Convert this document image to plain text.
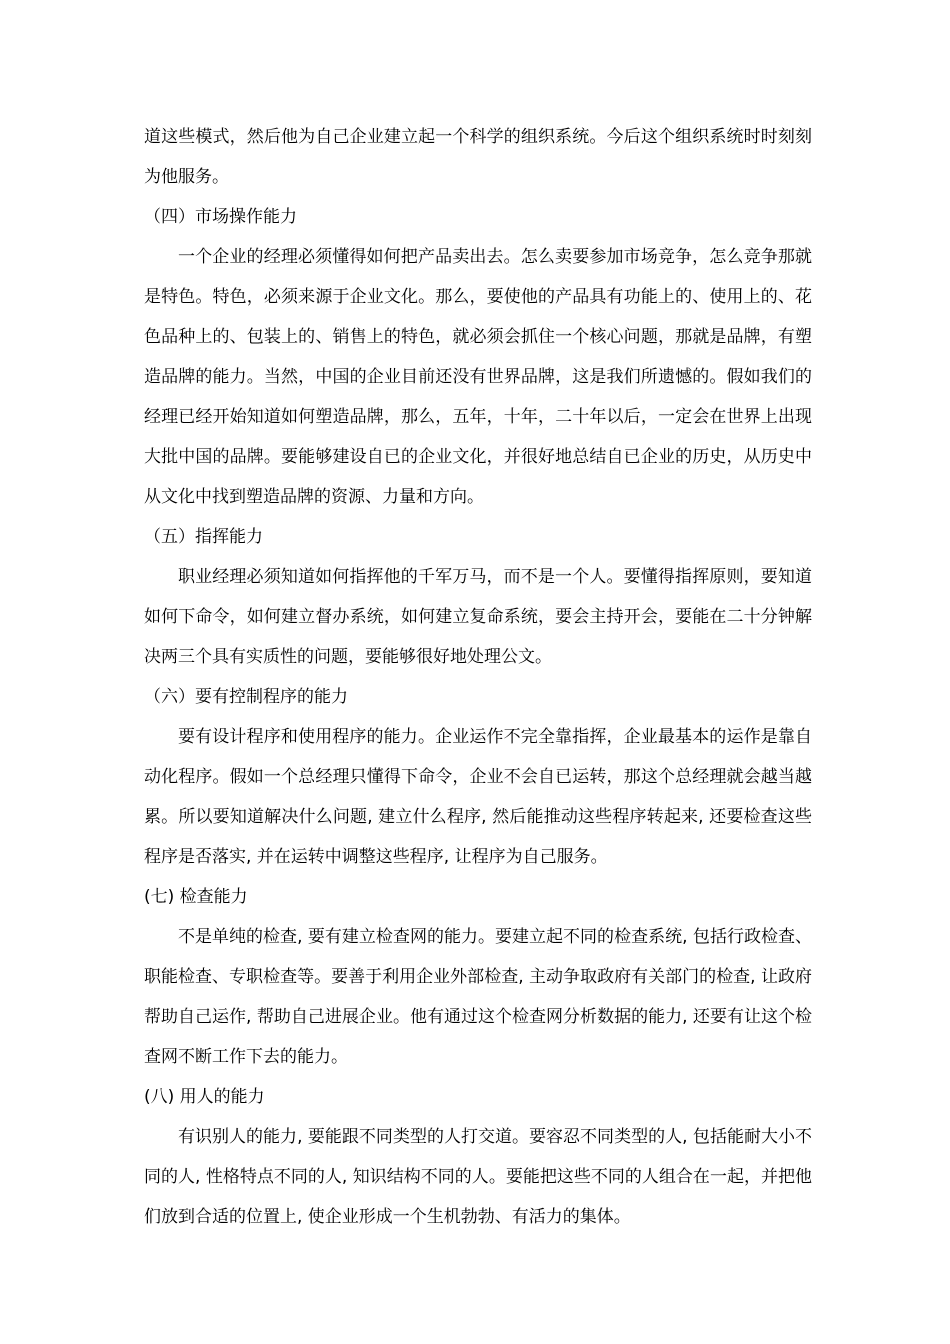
道这些模式，然后他为自己企业建立起一个科学的组织系统。今后这个组织系统时时刻刻为他服务。

（四）市场操作能力

一个企业的经理必须懂得如何把产品卖出去。怎么卖要参加市场竞争，怎么竞争那就是特色。特色，必须来源于企业文化。那么，要使他的产品具有功能上的、使用上的、花色品种上的、包装上的、销售上的特色，就必须会抓住一个核心问题，那就是品牌，有塑造品牌的能力。当然，中国的企业目前还没有世界品牌，这是我们所遗憾的。假如我们的经理已经开始知道如何塑造品牌，那么，五年，十年，二十年以后，一定会在世界上出现大批中国的品牌。要能够建设自已的企业文化，并很好地总结自已企业的历史，从历史中从文化中找到塑造品牌的资源、力量和方向。

（五）指挥能力

职业经理必须知道如何指挥他的千军万马，而不是一个人。要懂得指挥原则，要知道如何下命令，如何建立督办系统，如何建立复命系统，要会主持开会，要能在二十分钟解决两三个具有实质性的问题，要能够很好地处理公文。

（六）要有控制程序的能力

要有设计程序和使用程序的能力。企业运作不完全靠指挥，企业最基本的运作是靠自动化程序。假如一个总经理只懂得下命令，企业不会自已运转，那这个总经理就会越当越累。所以要知道解决什么问题, 建立什么程序, 然后能推动这些程序转起来, 还要检查这些程序是否落实, 并在运转中调整这些程序, 让程序为自己服务。

(七) 检查能力

不是单纯的检查, 要有建立检查网的能力。要建立起不同的检查系统, 包括行政检查、职能检查、专职检查等。要善于利用企业外部检查, 主动争取政府有关部门的检查, 让政府帮助自己运作, 帮助自己进展企业。他有通过这个检查网分析数据的能力, 还要有让这个检查网不断工作下去的能力。

(八) 用人的能力

有识别人的能力, 要能跟不同类型的人打交道。要容忍不同类型的人, 包括能耐大小不同的人, 性格特点不同的人, 知识结构不同的人。要能把这些不同的人组合在一起，并把他们放到合适的位置上, 使企业形成一个生机勃勃、有活力的集体。
